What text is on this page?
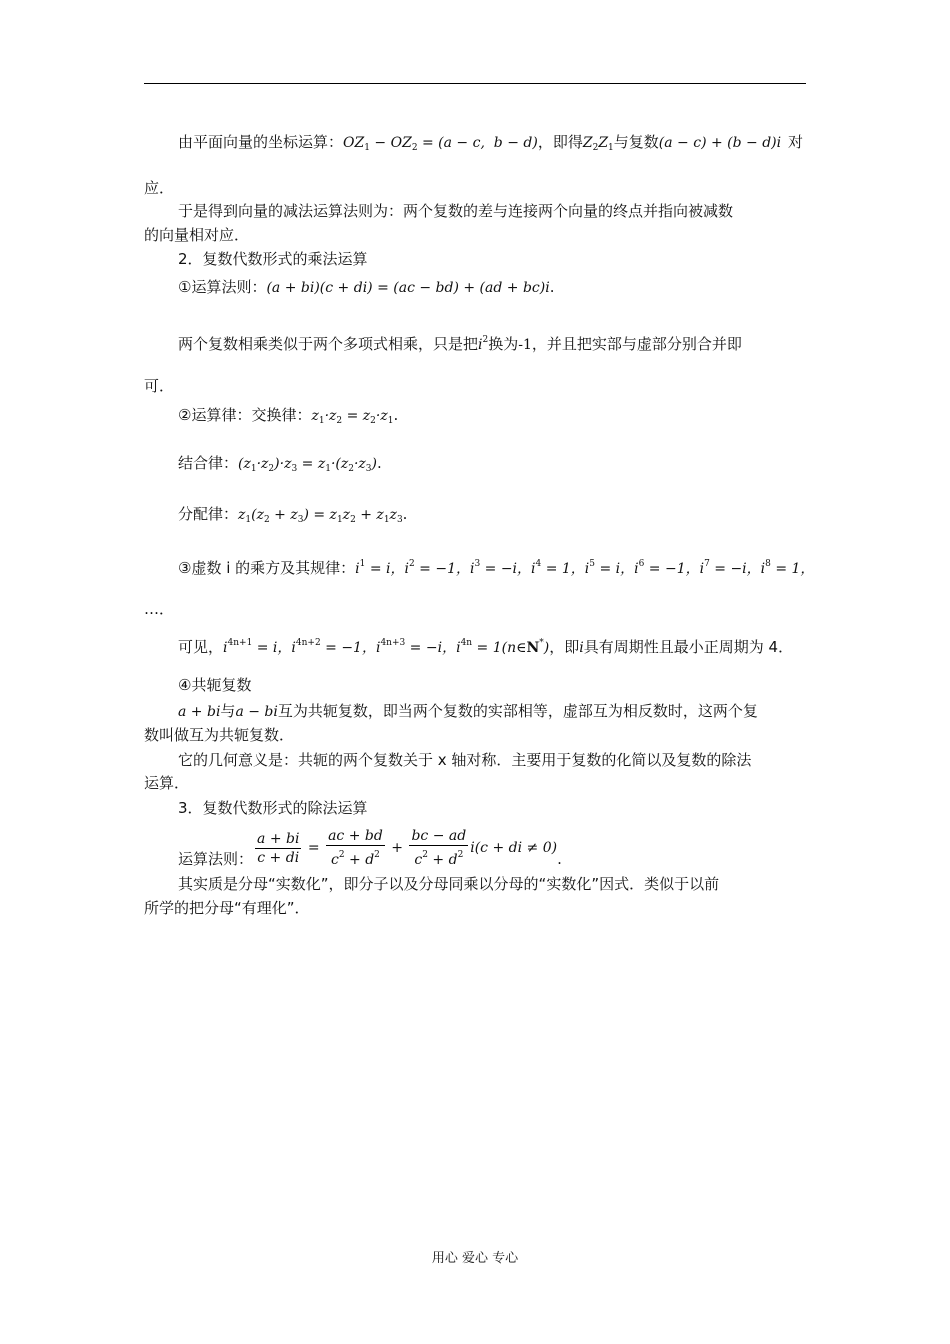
由平面向量的坐标运算：$OZ_1 - OZ_2 = (a - c$,  b − d)，即得$Z_2Z_1$与复数(a − c) + (b − d)i 对
应．
于是得到向量的减法运算法则为：两个复数的差与连接两个向量的终点并指向被减数
的向量相对应．
2．复数代数形式的乘法运算
①运算法则：(a + bi)(c + di) = (ac − bd) + (ad + bc)i.
两个复数相乘类似于两个多项式相乘，只是把$i^2$换为-1，并且把实部与虚部分别合并即
可．
②运算律：交换律：$z_1\cdot z_2 = z_2\cdot z_1$.
结合律：$(z_1\cdot z_2)\cdot z_3 = z_1\cdot(z_2\cdot z_3)$.
分配律：$z_1(z_2 + z_3) = z_1z_2 + z_1z_3$.
③虚数 i 的乘方及其规律：$i^1 = i$，$i^2 = -1$，$i^3 = -i$，$i^4 = 1$，$i^5 = i$，$i^6 = -1$，$i^7 = -i$，$i^8 = 1$，
…．
可见，$i^{4n+1} = i$，$i^{4n+2} = -1$，$i^{4n+3} = -i$，$i^{4n}$ = 1(n∈N*)，即i具有周期性且最小正周期为 4．
④共轭复数
a + bi与a − bi互为共轭复数，即当两个复数的实部相等，虚部互为相反数时，这两个复
数叫做互为共轭复数．
它的几何意义是：共轭的两个复数关于 x 轴对称．主要用于复数的化简以及复数的除法
运算．
3．复数代数形式的除法运算
运算法则： $\frac{a + bi}{c + di} = \frac{ac + bd}{c^2 + d^2} + \frac{bc - ad}{c^2 + d^2} i(c$ + di ≠ 0).
其实质是分母“实数化”，即分子以及分母同乘以分母的“实数化”因式．类似于以前
所学的把分母“有理化”．
用心 爱心 专心
